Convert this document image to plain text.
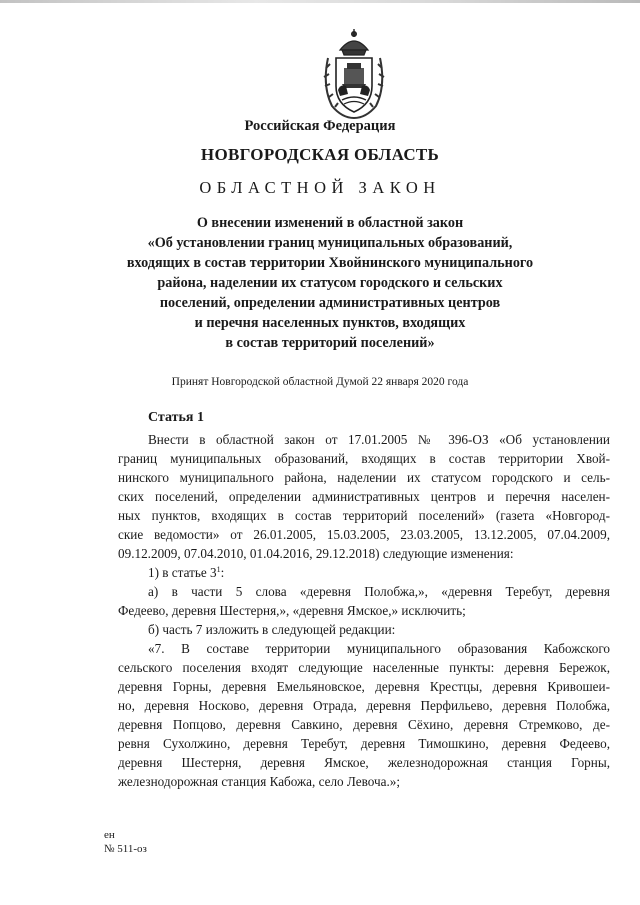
Российская Федерация
НОВГОРОДСКАЯ ОБЛАСТЬ
ОБЛАСТНОЙ ЗАКОН
О внесении изменений в областной закон
«Об установлении границ муниципальных образований,
входящих в состав территории Хвойнинского муниципального
района, наделении их статусом городского и сельских
поселений, определении административных центров
и перечня населенных пунктов, входящих
в состав территорий поселений»
Принят Новгородской областной Думой 22 января 2020 года
Статья 1
Внести в областной закон от 17.01.2005 № 396-ОЗ «Об установлении
границ муниципальных образований, входящих в состав территории Хвой-
нинского муниципального района, наделении их статусом городского и сель-
ских поселений, определении административных центров и перечня населен-
ных пунктов, входящих в состав территорий поселений» (газета «Новгород-
ские ведомости» от 26.01.2005, 15.03.2005, 23.03.2005, 13.12.2005, 07.04.2009,
09.12.2009, 07.04.2010, 01.04.2016, 29.12.2018) следующие изменения:
1) в статье $3^1$:
а) в части 5 слова «деревня Полобжа,», «деревня Теребут, деревня
Федеево, деревня Шестерня,», «деревня Ямское,» исключить;
б) часть 7 изложить в следующей редакции:
«7. В составе территории муниципального образования Кабожского
сельского поселения входят следующие населенные пункты: деревня Бережок,
деревня Горны, деревня Емельяновское, деревня Крестцы, деревня Кривошеи-
но, деревня Носково, деревня Отрада, деревня Перфильево, деревня Полобжа,
деревня Попцово, деревня Савкино, деревня Сёхино, деревня Стремково, де-
ревня Сухолжино, деревня Теребут, деревня Тимошкино, деревня Федеево,
деревня Шестерня, деревня Ямское, железнодорожная станция Горны,
железнодорожная станция Кабожа, село Левоча.»;
ен
№ 511-оз
